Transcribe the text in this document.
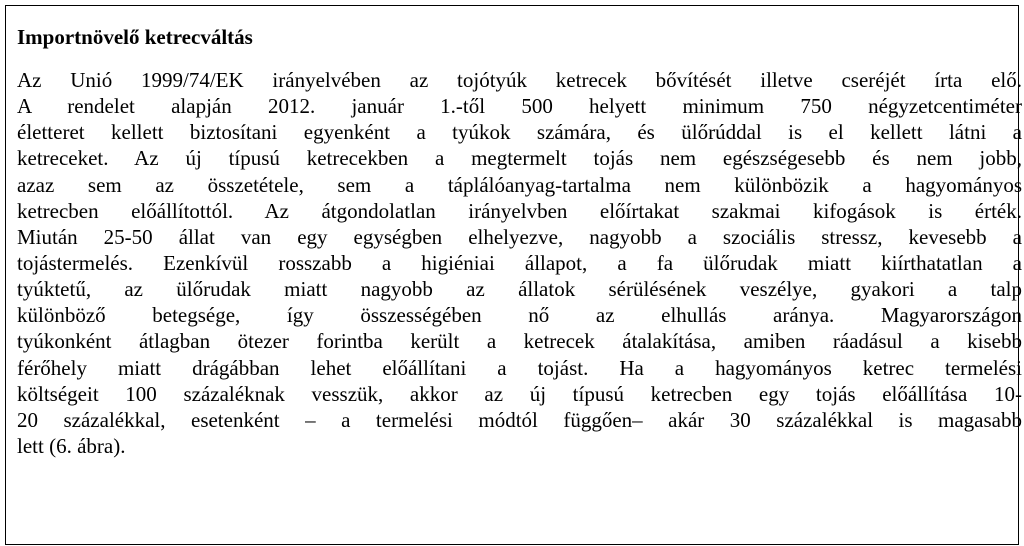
Importnövelő ketrecváltás
Az Unió 1999/74/EK irányelvében az tojótyúk ketrecek bővítését illetve cseréjét írta elő.
A rendelet alapján 2012. január 1.-től 500 helyett minimum 750 négyzetcentiméter
életteret kellett biztosítani egyenként a tyúkok számára, és ülőrúddal is el kellett látni a
ketreceket. Az új típusú ketrecekben a megtermelt tojás nem egészségesebb és nem jobb,
azaz sem az összetétele, sem a táplálóanyag-tartalma nem különbözik a hagyományos
ketrecben előállítottól. Az átgondolatlan irányelvben előírtakat szakmai kifogások is érték.
Miután 25-50 állat van egy egységben elhelyezve, nagyobb a szociális stressz, kevesebb a
tojástermelés. Ezenkívül rosszabb a higiéniai állapot, a fa ülőrudak miatt kiírthatatlan a
tyúktetű, az ülőrudak miatt nagyobb az állatok sérülésének veszélye, gyakori a talp
különböző betegsége, így összességében nő az elhullás aránya. Magyarországon
tyúkonként átlagban ötezer forintba került a ketrecek átalakítása, amiben ráadásul a kisebb
férőhely miatt drágábban lehet előállítani a tojást. Ha a hagyományos ketrec termelési
költségeit 100 százaléknak vesszük, akkor az új típusú ketrecben egy tojás előállítása 10-
20 százalékkal, esetenként – a termelési módtól függően– akár 30 százalékkal is magasabb
lett (6. ábra).
